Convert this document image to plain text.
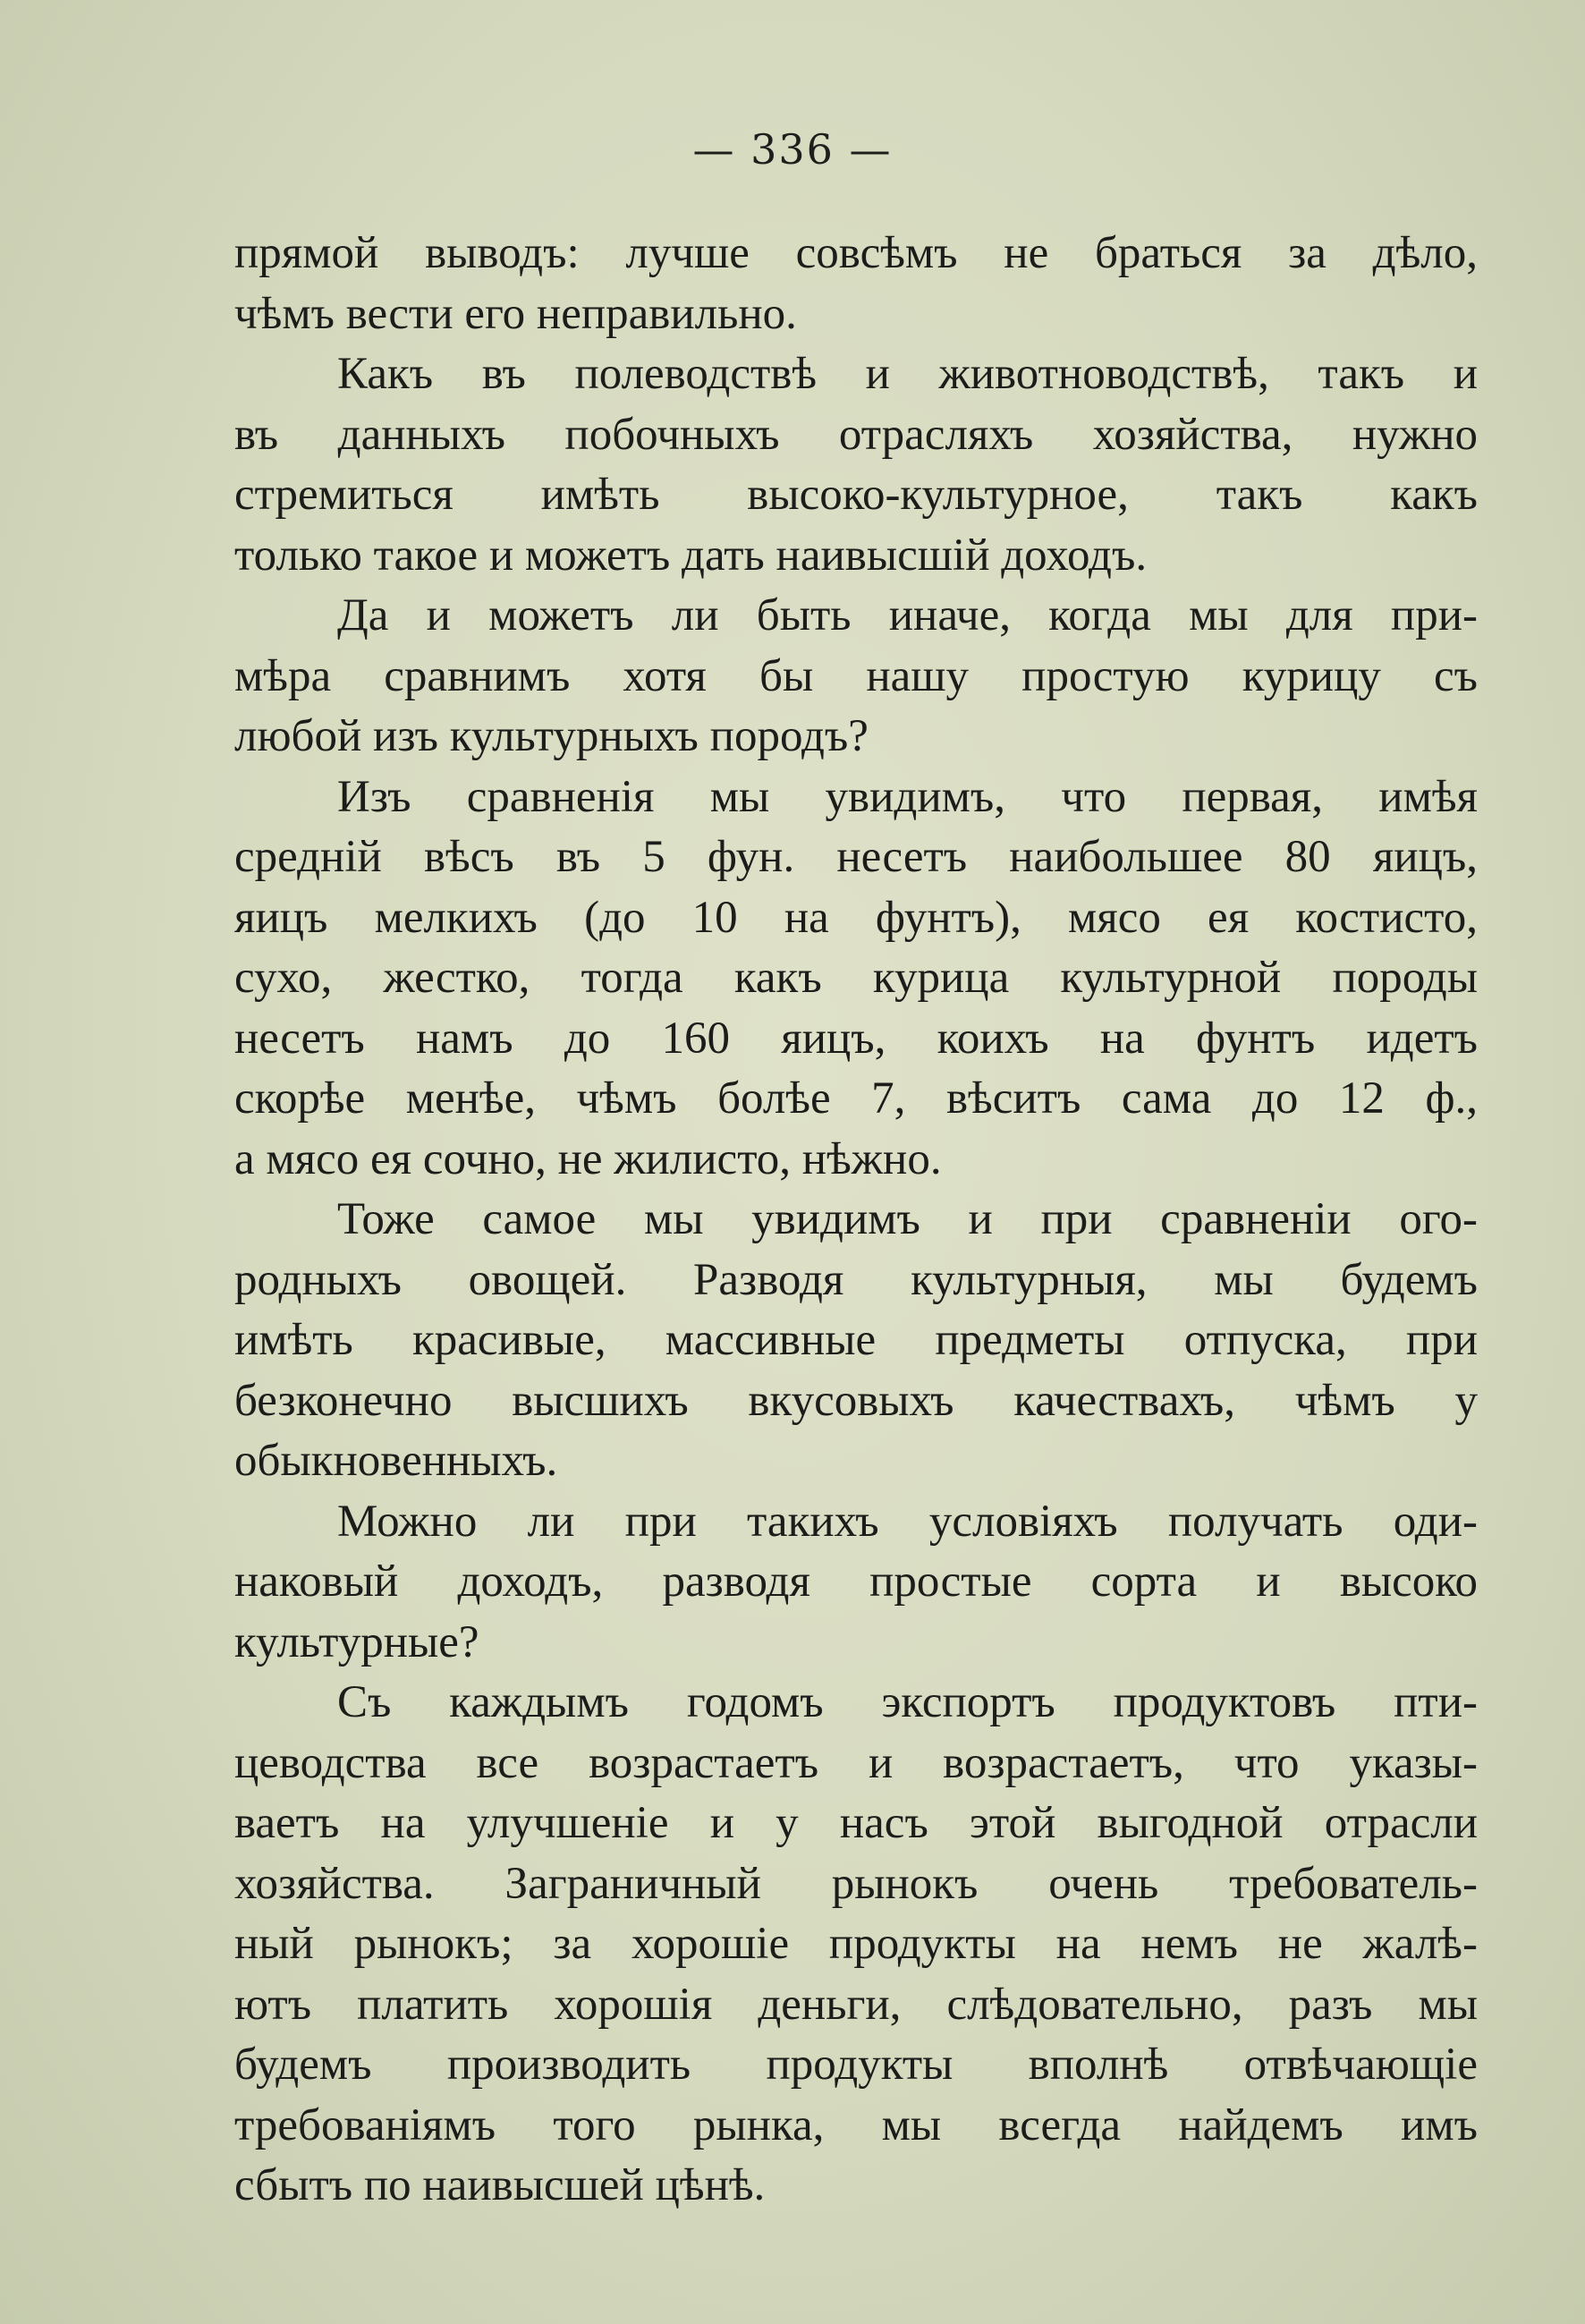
— 336 —
прямой выводъ: лучше совсѣмъ не браться за дѣло,
чѣмъ вести его неправильно.
Какъ въ полеводствѣ и животноводствѣ, такъ и
въ данныхъ побочныхъ отрасляхъ хозяйства, нужно
стремиться имѣть высоко-культурное, такъ какъ
только такое и можетъ дать наивысшій доходъ.
Да и можетъ ли быть иначе, когда мы для при-
мѣра сравнимъ хотя бы нашу простую курицу съ
любой изъ культурныхъ породъ?
Изъ сравненія мы увидимъ, что первая, имѣя
среднiй вѣсъ въ 5 фун. несетъ наибольшее 80 яицъ,
яицъ мелкихъ (до 10 на фунтъ), мясо ея костисто,
сухо, жестко, тогда какъ курица культурной породы
несетъ намъ до 160 яицъ, коихъ на фунтъ идетъ
скорѣе менѣе, чѣмъ болѣе 7, вѣситъ сама до 12 ф.,
а мясо ея сочно, не жилисто, нѣжно.
Тоже самое мы увидимъ и при сравненіи ого-
родныхъ овощей. Разводя культурныя, мы будемъ
имѣть красивые, массивные предметы отпуска, при
безконечно высшихъ вкусовыхъ качествахъ, чѣмъ у
обыкновенныхъ.
Можно ли при такихъ условіяхъ получать оди-
наковый доходъ, разводя простые сорта и высоко
культурные?
Съ каждымъ годомъ экспортъ продуктовъ пти-
цеводства все возрастаетъ и возрастаетъ, что указы-
ваетъ на улучшеніе и у насъ этой выгодной отрасли
хозяйства. Заграничный рынокъ очень требователь-
ный рынокъ; за хорошіе продукты на немъ не жалѣ-
ютъ платить хорошія деньги, слѣдовательно, разъ мы
будемъ производить продукты вполнѣ отвѣчающіе
требованіямъ того рынка, мы всегда найдемъ имъ
сбытъ по наивысшей цѣнѣ.
